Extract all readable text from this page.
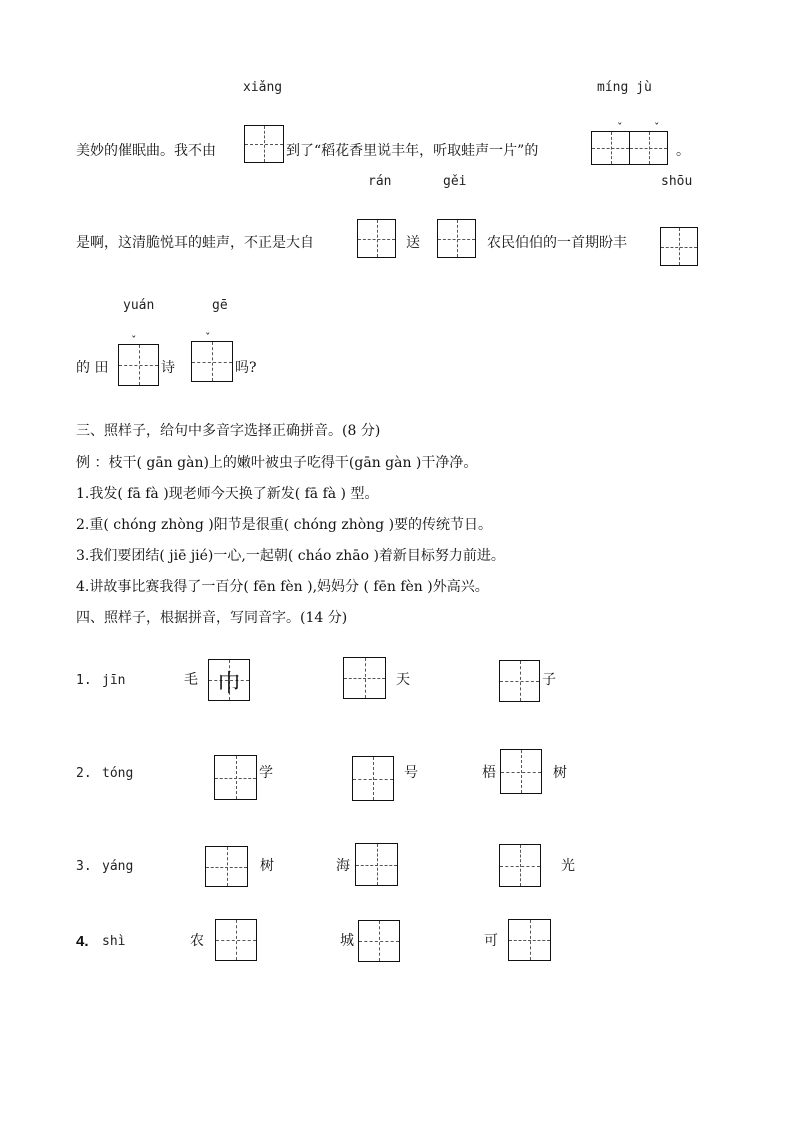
xiǎng	míng jù
美妙的催眠曲。我不由	到了“稻花香里说丰年，听取蛙声一片”的
ˇ	ˇ
。
rán	gěi	shōu
是啊，这清脆悦耳的蛙声，不正是大自	送	农民伯伯的一首期盼丰
yuán	gē
的 田
ˇ
诗
ˇ
吗?
三、照样子，给句中多音字选择正确拼音。(8 分)
例 ：枝干( gān gàn)上的嫩叶被虫子吃得干(gān gàn )干净净。
1.我发( fā fà )现老师今天换了新发( fā fà ) 型。
2.重( chóng zhòng )阳节是很重( chóng zhòng )要的传统节日。
3.我们要团结( jiē jié)一心,一起朝( cháo zhāo )着新目标努力前进。
4.讲故事比赛我得了一百分( fēn fèn ),妈妈分 ( fēn fèn )外高兴。
四、照样子，根据拼音，写同音字。(14 分)
1. jīn	毛 巾	天	子
2. tóng	学	号	梧	树
3. yáng	树	海	光
4. shì	农	城	可
